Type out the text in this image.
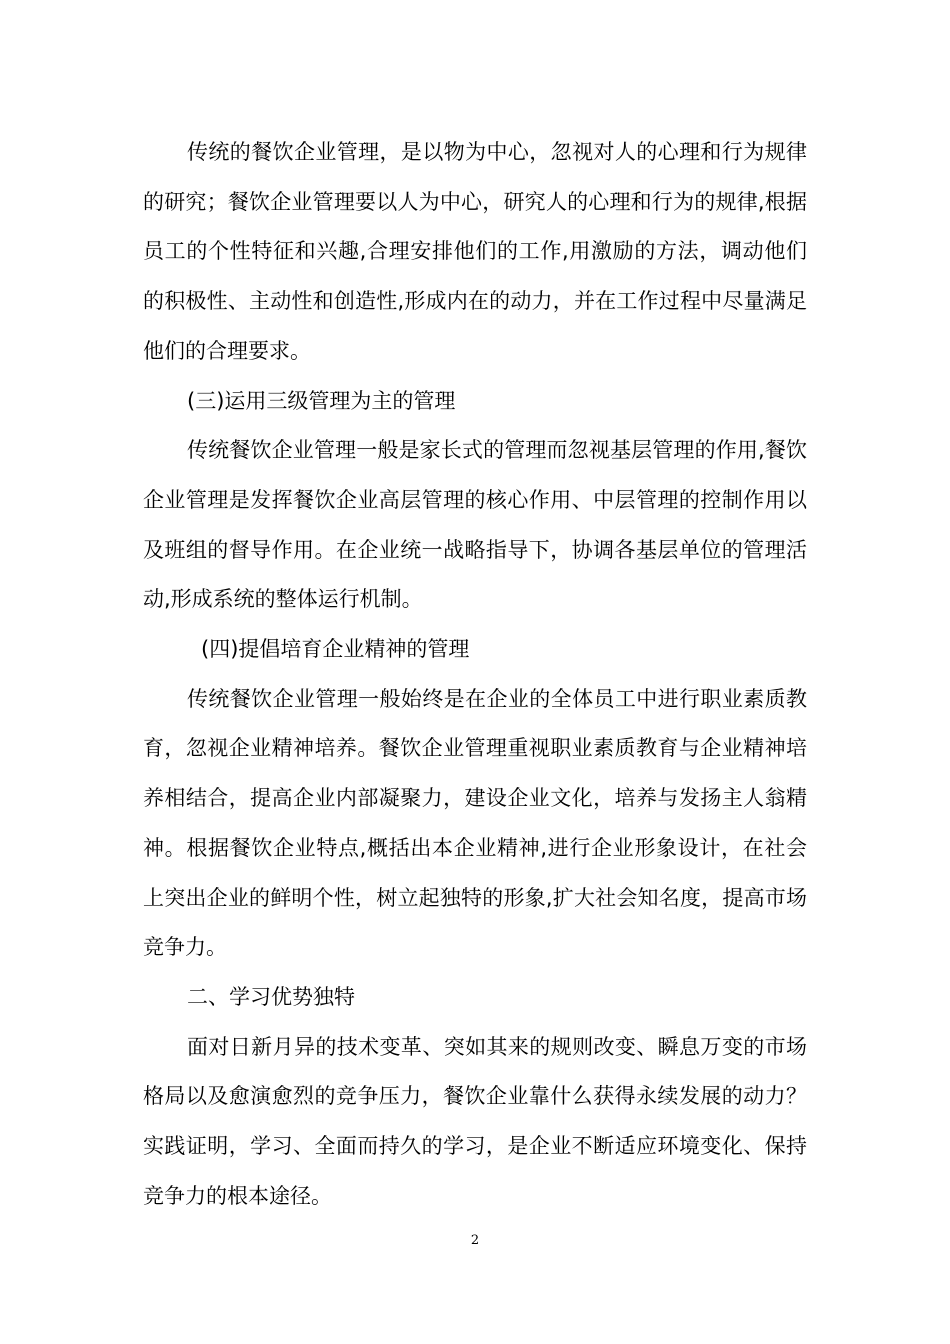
传统的餐饮企业管理，是以物为中心，忽视对人的心理和行为规律的研究；餐饮企业管理要以人为中心，研究人的心理和行为的规律,根据员工的个性特征和兴趣,合理安排他们的工作,用激励的方法，调动他们的积极性、主动性和创造性,形成内在的动力，并在工作过程中尽量满足他们的合理要求。

(三)运用三级管理为主的管理

传统餐饮企业管理一般是家长式的管理而忽视基层管理的作用,餐饮企业管理是发挥餐饮企业高层管理的核心作用、中层管理的控制作用以及班组的督导作用。在企业统一战略指导下，协调各基层单位的管理活动,形成系统的整体运行机制。

(四)提倡培育企业精神的管理

传统餐饮企业管理一般始终是在企业的全体员工中进行职业素质教育，忽视企业精神培养。餐饮企业管理重视职业素质教育与企业精神培养相结合，提高企业内部凝聚力，建设企业文化，培养与发扬主人翁精神。根据餐饮企业特点,概括出本企业精神,进行企业形象设计，在社会上突出企业的鲜明个性，树立起独特的形象,扩大社会知名度，提高市场竞争力。

二、学习优势独特

面对日新月异的技术变革、突如其来的规则改变、瞬息万变的市场格局以及愈演愈烈的竞争压力，餐饮企业靠什么获得永续发展的动力？实践证明，学习、全面而持久的学习，是企业不断适应环境变化、保持竞争力的根本途径。

2
